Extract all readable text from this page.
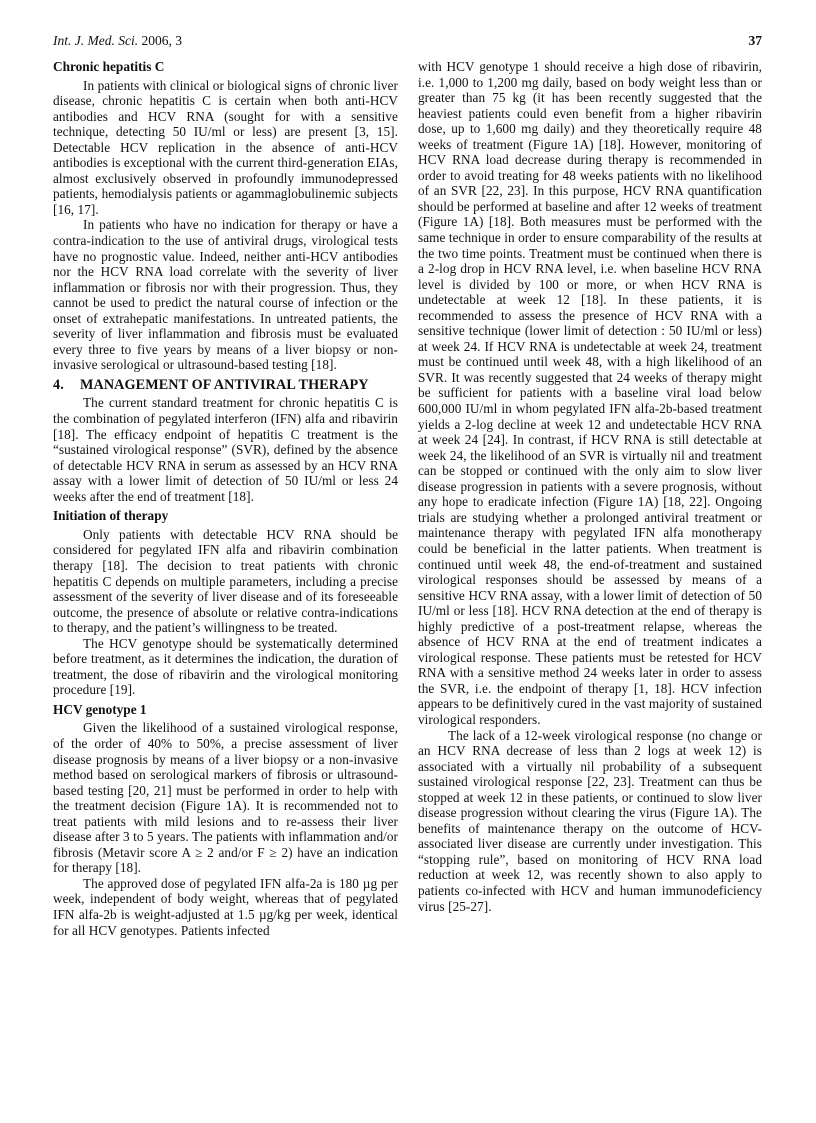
Int. J. Med. Sci. 2006, 3	37
Chronic hepatitis C

In patients with clinical or biological signs of chronic liver disease, chronic hepatitis C is certain when both anti-HCV antibodies and HCV RNA (sought for with a sensitive technique, detecting 50 IU/ml or less) are present [3, 15]. Detectable HCV replication in the absence of anti-HCV antibodies is exceptional with the current third-generation EIAs, almost exclusively observed in profoundly immunodepressed patients, hemodialysis patients or agammaglobulinemic subjects [16, 17].

In patients who have no indication for therapy or have a contra-indication to the use of antiviral drugs, virological tests have no prognostic value. Indeed, neither anti-HCV antibodies nor the HCV RNA load correlate with the severity of liver inflammation or fibrosis nor with their progression. Thus, they cannot be used to predict the natural course of infection or the onset of extrahepatic manifestations. In untreated patients, the severity of liver inflammation and fibrosis must be evaluated every three to five years by means of a liver biopsy or non-invasive serological or ultrasound-based testing [18].

4. MANAGEMENT OF ANTIVIRAL THERAPY

The current standard treatment for chronic hepatitis C is the combination of pegylated interferon (IFN) alfa and ribavirin [18]. The efficacy endpoint of hepatitis C treatment is the “sustained virological response” (SVR), defined by the absence of detectable HCV RNA in serum as assessed by an HCV RNA assay with a lower limit of detection of 50 IU/ml or less 24 weeks after the end of treatment [18].

Initiation of therapy

Only patients with detectable HCV RNA should be considered for pegylated IFN alfa and ribavirin combination therapy [18]. The decision to treat patients with chronic hepatitis C depends on multiple parameters, including a precise assessment of the severity of liver disease and of its foreseeable outcome, the presence of absolute or relative contra-indications to therapy, and the patient’s willingness to be treated.

The HCV genotype should be systematically determined before treatment, as it determines the indication, the duration of treatment, the dose of ribavirin and the virological monitoring procedure [19].

HCV genotype 1

Given the likelihood of a sustained virological response, of the order of 40% to 50%, a precise assessment of liver disease prognosis by means of a liver biopsy or a non-invasive method based on serological markers of fibrosis or ultrasound-based testing [20, 21] must be performed in order to help with the treatment decision (Figure 1A). It is recommended not to treat patients with mild lesions and to re-assess their liver disease after 3 to 5 years. The patients with inflammation and/or fibrosis (Metavir score A ≥ 2 and/or F ≥ 2) have an indication for therapy [18].

The approved dose of pegylated IFN alfa-2a is 180 µg per week, independent of body weight, whereas that of pegylated IFN alfa-2b is weight-adjusted at 1.5 µg/kg per week, identical for all HCV genotypes. Patients infected

with HCV genotype 1 should receive a high dose of ribavirin, i.e. 1,000 to 1,200 mg daily, based on body weight less than or greater than 75 kg (it has been recently suggested that the heaviest patients could even benefit from a higher ribavirin dose, up to 1,600 mg daily) and they theoretically require 48 weeks of treatment (Figure 1A) [18]. However, monitoring of HCV RNA load decrease during therapy is recommended in order to avoid treating for 48 weeks patients with no likelihood of an SVR [22, 23]. In this purpose, HCV RNA quantification should be performed at baseline and after 12 weeks of treatment (Figure 1A) [18]. Both measures must be performed with the same technique in order to ensure comparability of the results at the two time points. Treatment must be continued when there is a 2-log drop in HCV RNA level, i.e. when baseline HCV RNA level is divided by 100 or more, or when HCV RNA is undetectable at week 12 [18]. In these patients, it is recommended to assess the presence of HCV RNA with a sensitive technique (lower limit of detection : 50 IU/ml or less) at week 24. If HCV RNA is undetectable at week 24, treatment must be continued until week 48, with a high likelihood of an SVR. It was recently suggested that 24 weeks of therapy might be sufficient for patients with a baseline viral load below 600,000 IU/ml in whom pegylated IFN alfa-2b-based treatment yields a 2-log decline at week 12 and undetectable HCV RNA at week 24 [24]. In contrast, if HCV RNA is still detectable at week 24, the likelihood of an SVR is virtually nil and treatment can be stopped or continued with the only aim to slow liver disease progression in patients with a severe prognosis, without any hope to eradicate infection (Figure 1A) [18, 22]. Ongoing trials are studying whether a prolonged antiviral treatment or maintenance therapy with pegylated IFN alfa monotherapy could be beneficial in the latter patients. When treatment is continued until week 48, the end-of-treatment and sustained virological responses should be assessed by means of a sensitive HCV RNA assay, with a lower limit of detection of 50 IU/ml or less [18]. HCV RNA detection at the end of therapy is highly predictive of a post-treatment relapse, whereas the absence of HCV RNA at the end of treatment indicates a virological response. These patients must be retested for HCV RNA with a sensitive method 24 weeks later in order to assess the SVR, i.e. the endpoint of therapy [1, 18]. HCV infection appears to be definitively cured in the vast majority of sustained virological responders.

The lack of a 12-week virological response (no change or an HCV RNA decrease of less than 2 logs at week 12) is associated with a virtually nil probability of a subsequent sustained virological response [22, 23]. Treatment can thus be stopped at week 12 in these patients, or continued to slow liver disease progression without clearing the virus (Figure 1A). The benefits of maintenance therapy on the outcome of HCV-associated liver disease are currently under investigation. This “stopping rule”, based on monitoring of HCV RNA load reduction at week 12, was recently shown to also apply to patients co-infected with HCV and human immunodeficiency virus [25-27].
